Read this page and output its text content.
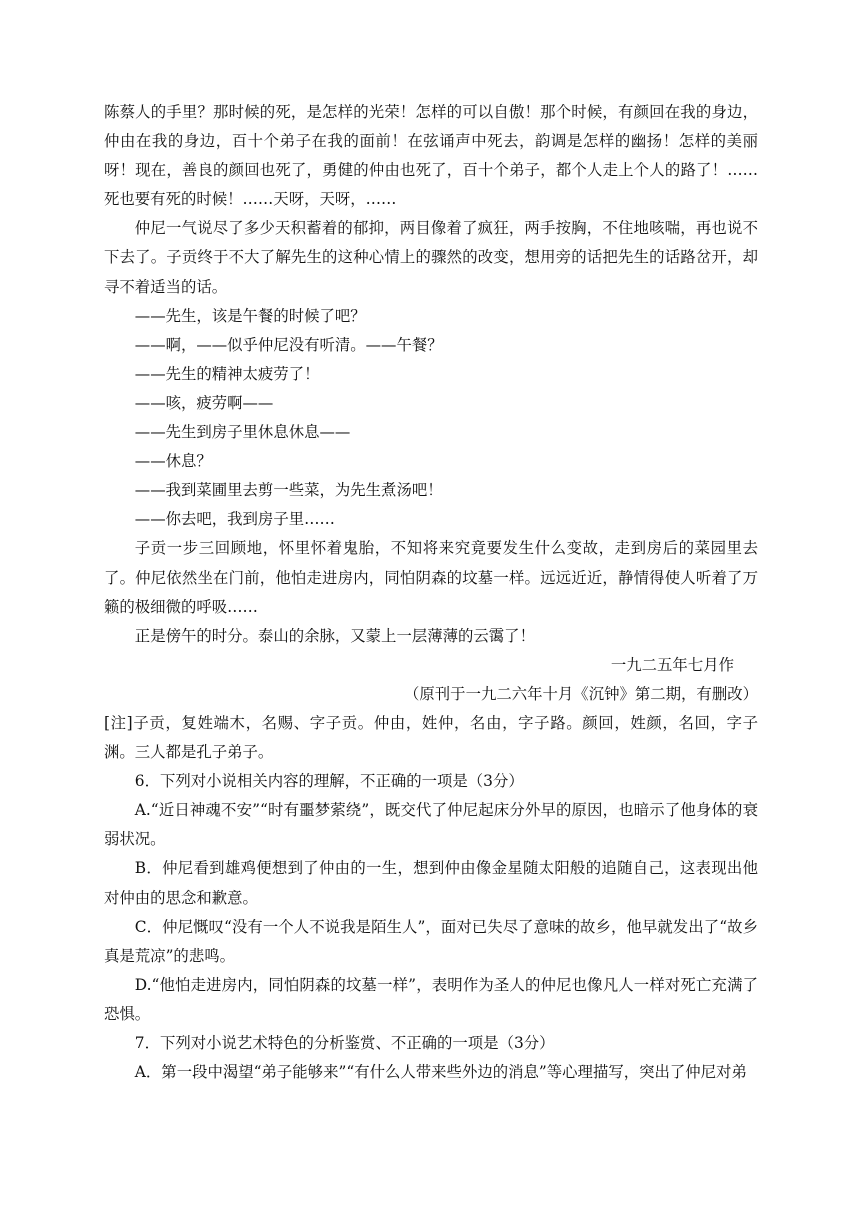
陈蔡人的手里？那时候的死，是怎样的光荣！怎样的可以自傲！那个时候，有颜回在我的身边，仲由在我的身边，百十个弟子在我的面前！在弦诵声中死去，韵调是怎样的幽扬！怎样的美丽呀！现在，善良的颜回也死了，勇健的仲由也死了，百十个弟子，都个人走上个人的路了！……死也要有死的时候！……天呀，天呀，……

仲尼一气说尽了多少天积蓄着的郁抑，两目像着了疯狂，两手按胸，不住地咳喘，再也说不下去了。子贡终于不大了解先生的这种心情上的骤然的改变，想用旁的话把先生的话路岔开，却寻不着适当的话。

——先生，该是午餐的时候了吧？

——啊，——似乎仲尼没有听清。——午餐？

——先生的精神太疲劳了！

——咳，疲劳啊——

——先生到房子里休息休息——

——休息？

——我到菜圃里去剪一些菜，为先生煮汤吧！

——你去吧，我到房子里……

子贡一步三回顾地，怀里怀着鬼胎，不知将来究竟要发生什么变故，走到房后的菜园里去了。仲尼依然坐在门前，他怕走进房内，同怕阴森的坟墓一样。远远近近，静情得使人听着了万籁的极细微的呼吸……

正是傍午的时分。泰山的余脉，又蒙上一层薄薄的云霭了！

一九二五年七月作

（原刊于一九二六年十月《沉钟》第二期，有删改）

[注]子贡，复姓端木，名赐、字子贡。仲由，姓仲，名由，字子路。颜回，姓颜，名回，字子渊。三人都是孔子弟子。

6．下列对小说相关内容的理解，不正确的一项是（3分）

A.“近日神魂不安”“时有噩梦萦绕”，既交代了仲尼起床分外早的原因，也暗示了他身体的衰弱状况。

B．仲尼看到雄鸡便想到了仲由的一生，想到仲由像金星随太阳般的追随自己，这表现出他对仲由的思念和歉意。

C．仲尼慨叹“没有一个人不说我是陌生人”，面对已失尽了意味的故乡，他早就发出了“故乡真是荒凉”的悲鸣。

D.“他怕走进房内，同怕阴森的坟墓一样”，表明作为圣人的仲尼也像凡人一样对死亡充满了恐惧。

7．下列对小说艺术特色的分析鉴赏、不正确的一项是（3分）

A．第一段中渴望“弟子能够来”“有什么人带来些外边的消息”等心理描写，突出了仲尼对弟
